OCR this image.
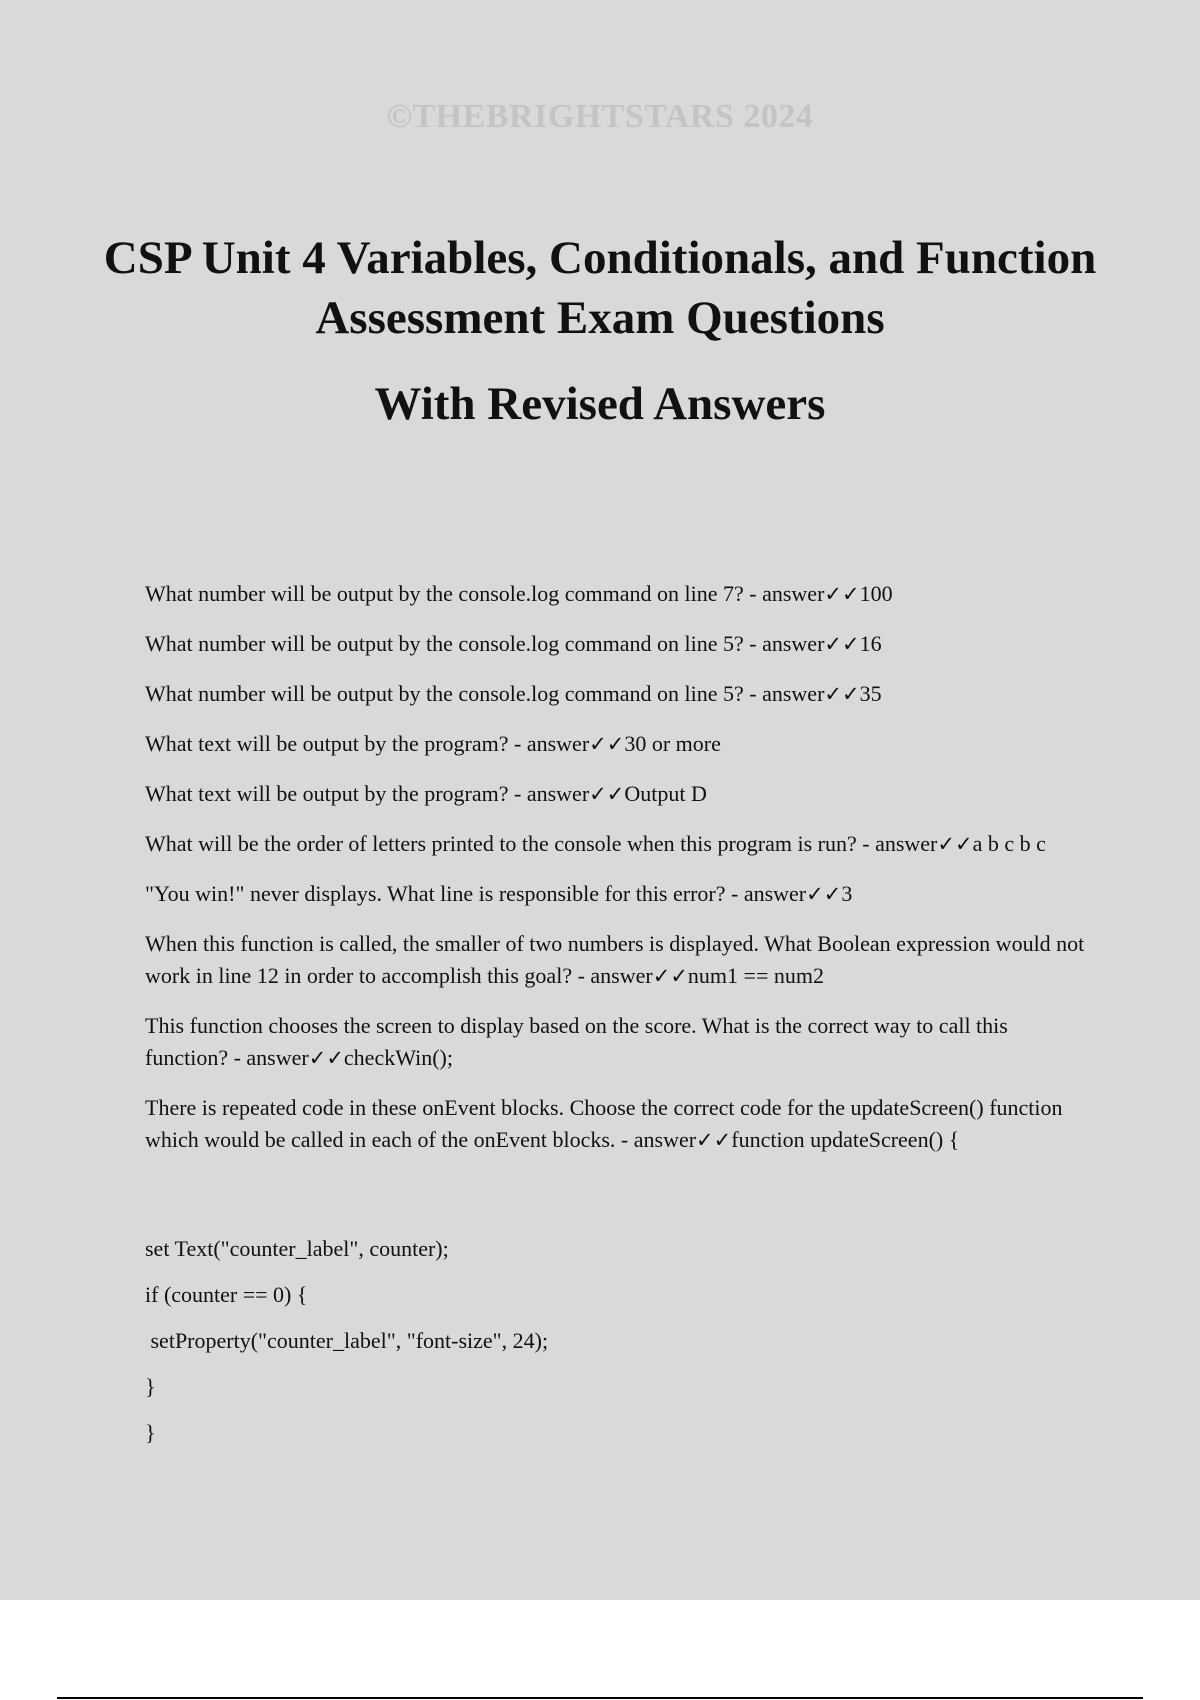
©THEBRIGHTSTARS 2024
CSP Unit 4 Variables, Conditionals, and Function Assessment Exam Questions
With Revised Answers
What number will be output by the console.log command on line 7? - answer✓✓100
What number will be output by the console.log command on line 5? - answer✓✓16
What number will be output by the console.log command on line 5? - answer✓✓35
What text will be output by the program? - answer✓✓30 or more
What text will be output by the program? - answer✓✓Output D
What will be the order of letters printed to the console when this program is run? - answer✓✓a b c b c
"You win!" never displays. What line is responsible for this error? - answer✓✓3
When this function is called, the smaller of two numbers is displayed. What Boolean expression would not work in line 12 in order to accomplish this goal? - answer✓✓num1 == num2
This function chooses the screen to display based on the score. What is the correct way to call this function? - answer✓✓checkWin();
There is repeated code in these onEvent blocks. Choose the correct code for the updateScreen() function which would be called in each of the onEvent blocks. - answer✓✓function updateScreen() {
set Text("counter_label", counter);
if (counter == 0) {
setProperty("counter_label", "font-size", 24);
}
}
